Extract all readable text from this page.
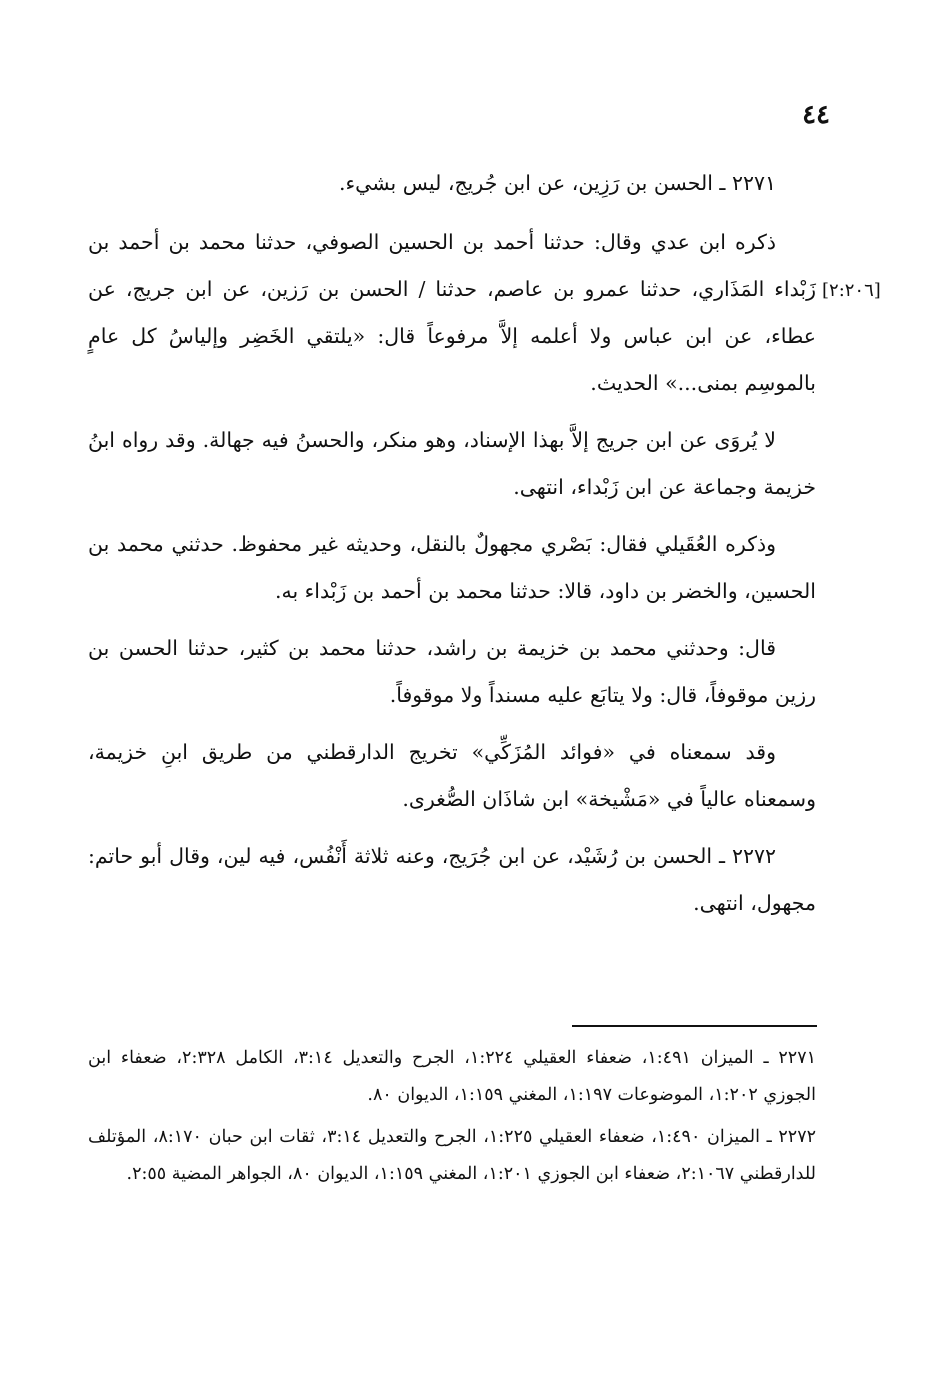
٤٤
[٢:٢٠٦]

٢٢٧١ ـ الحسن بن رَزِين، عن ابن جُريج، ليس بشيء.

ذكره ابن عدي وقال: حدثنا أحمد بن الحسين الصوفي، حدثنا محمد بن أحمد بن زَبْداء المَذَاري، حدثنا عمرو بن عاصم، حدثنا / الحسن بن رَزين، عن ابن جريج، عن عطاء، عن ابن عباس ولا أعلمه إلاَّ مرفوعاً قال: «يلتقي الخَضِر وإلياسُ كل عامٍ بالموسِم بمنى...» الحديث.

لا يُروَى عن ابن جريج إلاَّ بهذا الإسناد، وهو منكر، والحسنُ فيه جهالة. وقد رواه ابنُ خزيمة وجماعة عن ابن زَبْداء، انتهى.

وذكره العُقَيلي فقال: بَصْري مجهولٌ بالنقل، وحديثه غير محفوظ. حدثني محمد بن الحسين، والخضر بن داود، قالا: حدثنا محمد بن أحمد بن زَبْداء به.

قال: وحدثني محمد بن خزيمة بن راشد، حدثنا محمد بن كثير، حدثنا الحسن بن رزين موقوفاً، قال: ولا يتابَع عليه مسنداً ولا موقوفاً.

وقد سمعناه في «فوائد المُزَكِّي» تخريج الدارقطني من طريق ابنِ خزيمة، وسمعناه عالياً في «مَشْيخة» ابن شاذَان الصُّغرى.

٢٢٧٢ ـ الحسن بن رُشَيْد، عن ابن جُرَيج، وعنه ثلاثة أَنْفُس، فيه لين، وقال أبو حاتم: مجهول، انتهى.

٢٢٧١ ـ الميزان ١:٤٩١، ضعفاء العقيلي ١:٢٢٤، الجرح والتعديل ٣:١٤، الكامل ٢:٣٢٨، ضعفاء ابن الجوزي ١:٢٠٢، الموضوعات ١:١٩٧، المغني ١:١٥٩، الديوان ٨٠.

٢٢٧٢ ـ الميزان ١:٤٩٠، ضعفاء العقيلي ١:٢٢٥، الجرح والتعديل ٣:١٤، ثقات ابن حبان ٨:١٧٠، المؤتلف للدارقطني ٢:١٠٦٧، ضعفاء ابن الجوزي ١:٢٠١، المغني ١:١٥٩، الديوان ٨٠، الجواهر المضية ٢:٥٥.
